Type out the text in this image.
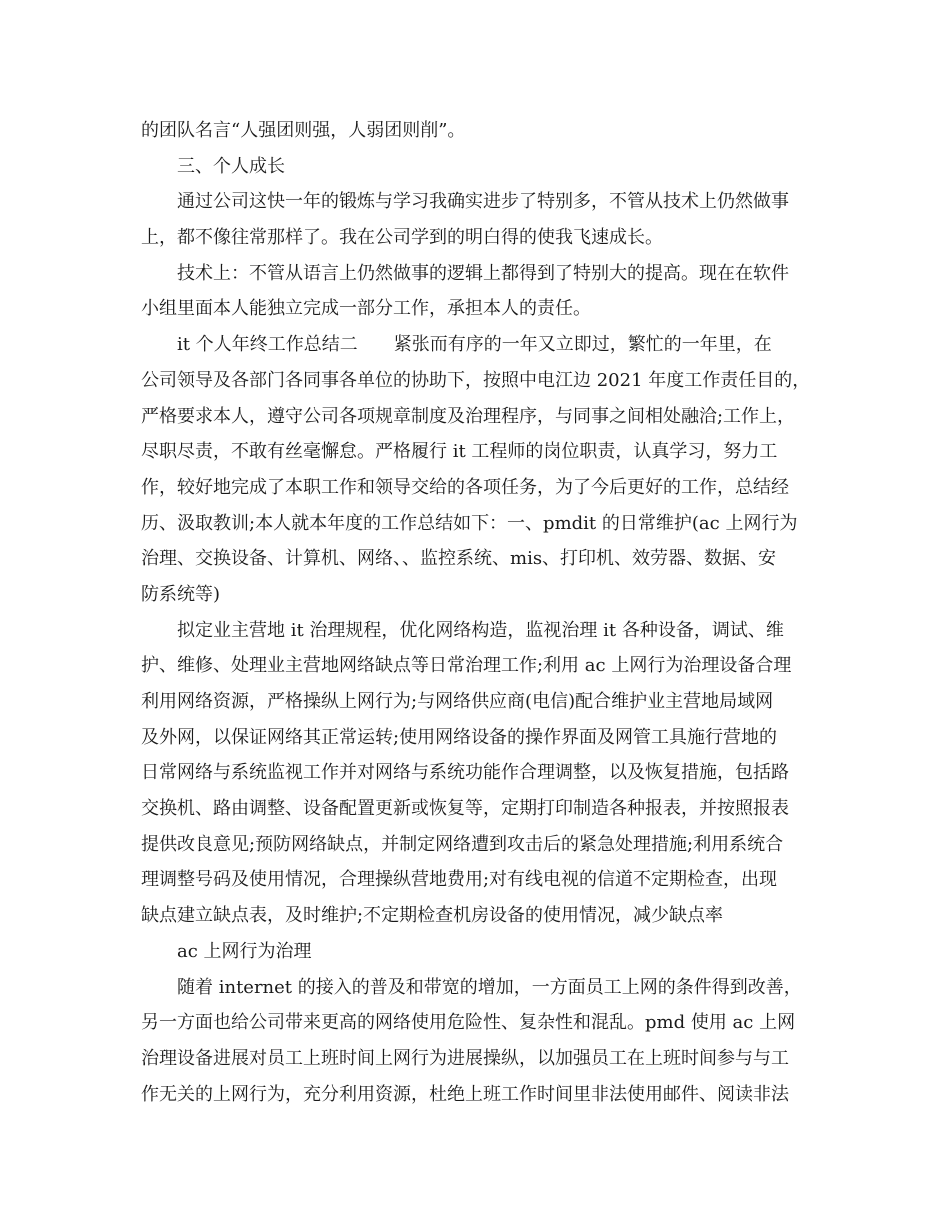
的团队名言“人强团则强，人弱团则削”。
三、个人成长
通过公司这快一年的锻炼与学习我确实进步了特别多，不管从技术上仍然做事
上，都不像往常那样了。我在公司学到的明白得的使我飞速成长。
技术上：不管从语言上仍然做事的逻辑上都得到了特别大的提高。现在在软件
小组里面本人能独立完成一部分工作，承担本人的责任。
it 个人年终工作总结二　　紧张而有序的一年又立即过，繁忙的一年里，在
公司领导及各部门各同事各单位的协助下，按照中电江边 2021 年度工作责任目的，
严格要求本人，遵守公司各项规章制度及治理程序，与同事之间相处融洽;工作上，
尽职尽责，不敢有丝毫懈怠。严格履行 it 工程师的岗位职责，认真学习，努力工
作，较好地完成了本职工作和领导交给的各项任务，为了今后更好的工作，总结经
历、汲取教训;本人就本年度的工作总结如下：一、pmdit 的日常维护(ac 上网行为
治理、交换设备、计算机、网络、、监控系统、mis、打印机、效劳器、数据、安
防系统等)
拟定业主营地 it 治理规程，优化网络构造，监视治理 it 各种设备，调试、维
护、维修、处理业主营地网络缺点等日常治理工作;利用 ac 上网行为治理设备合理
利用网络资源，严格操纵上网行为;与网络供应商(电信)配合维护业主营地局域网
及外网，以保证网络其正常运转;使用网络设备的操作界面及网管工具施行营地的
日常网络与系统监视工作并对网络与系统功能作合理调整，以及恢复措施，包括路
交换机、路由调整、设备配置更新或恢复等，定期打印制造各种报表，并按照报表
提供改良意见;预防网络缺点，并制定网络遭到攻击后的紧急处理措施;利用系统合
理调整号码及使用情况，合理操纵营地费用;对有线电视的信道不定期检查，出现
缺点建立缺点表，及时维护;不定期检查机房设备的使用情况，减少缺点率
ac 上网行为治理
随着 internet 的接入的普及和带宽的增加，一方面员工上网的条件得到改善，
另一方面也给公司带来更高的网络使用危险性、复杂性和混乱。pmd 使用 ac 上网
治理设备进展对员工上班时间上网行为进展操纵，以加强员工在上班时间参与与工
作无关的上网行为，充分利用资源，杜绝上班工作时间里非法使用邮件、阅读非法
